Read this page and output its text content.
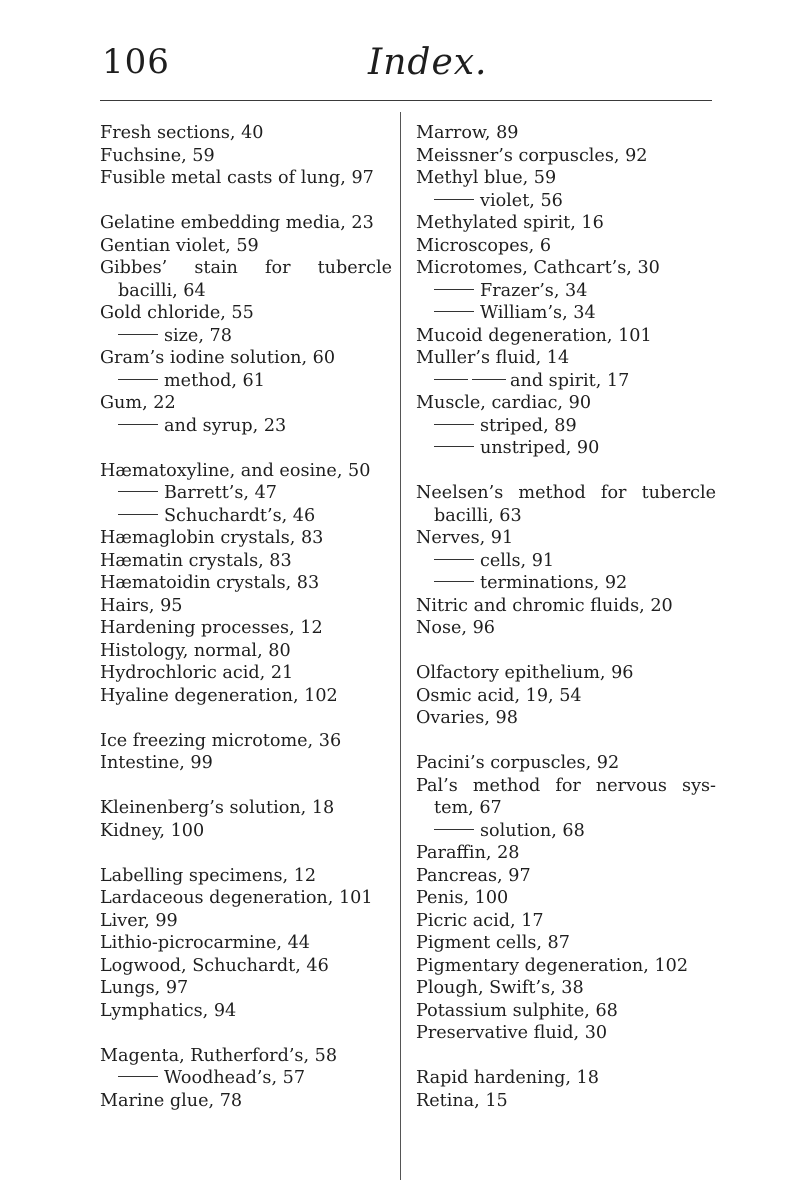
106	Index.
Fresh sections, 40
Fuchsine, 59
Fusible metal casts of lung, 97
Gelatine embedding media, 23
Gentian violet, 59
Gibbes’ stain for tubercle bacilli, 64
Gold chloride, 55
size, 78
Gram’s iodine solution, 60
method, 61
Gum, 22
and syrup, 23
Hæmatoxyline, and eosine, 50
Barrett’s, 47
Schuchardt’s, 46
Hæmaglobin crystals, 83
Hæmatin crystals, 83
Hæmatoidin crystals, 83
Hairs, 95
Hardening processes, 12
Histology, normal, 80
Hydrochloric acid, 21
Hyaline degeneration, 102
Ice freezing microtome, 36
Intestine, 99
Kleinenberg’s solution, 18
Kidney, 100
Labelling specimens, 12
Lardaceous degeneration, 101
Liver, 99
Lithio-picrocarmine, 44
Logwood, Schuchardt, 46
Lungs, 97
Lymphatics, 94
Magenta, Rutherford’s, 58
Woodhead’s, 57
Marine glue, 78
Marrow, 89
Meissner’s corpuscles, 92
Methyl blue, 59
violet, 56
Methylated spirit, 16
Microscopes, 6
Microtomes, Cathcart’s, 30
Frazer’s, 34
William’s, 34
Mucoid degeneration, 101
Muller’s fluid, 14
and spirit, 17
Muscle, cardiac, 90
striped, 89
unstriped, 90
Neelsen’s method for tubercle bacilli, 63
Nerves, 91
cells, 91
terminations, 92
Nitric and chromic fluids, 20
Nose, 96
Olfactory epithelium, 96
Osmic acid, 19, 54
Ovaries, 98
Pacini’s corpuscles, 92
Pal’s method for nervous sys- tem, 67
solution, 68
Paraffin, 28
Pancreas, 97
Penis, 100
Picric acid, 17
Pigment cells, 87
Pigmentary degeneration, 102
Plough, Swift’s, 38
Potassium sulphite, 68
Preservative fluid, 30
Rapid hardening, 18
Retina, 15
